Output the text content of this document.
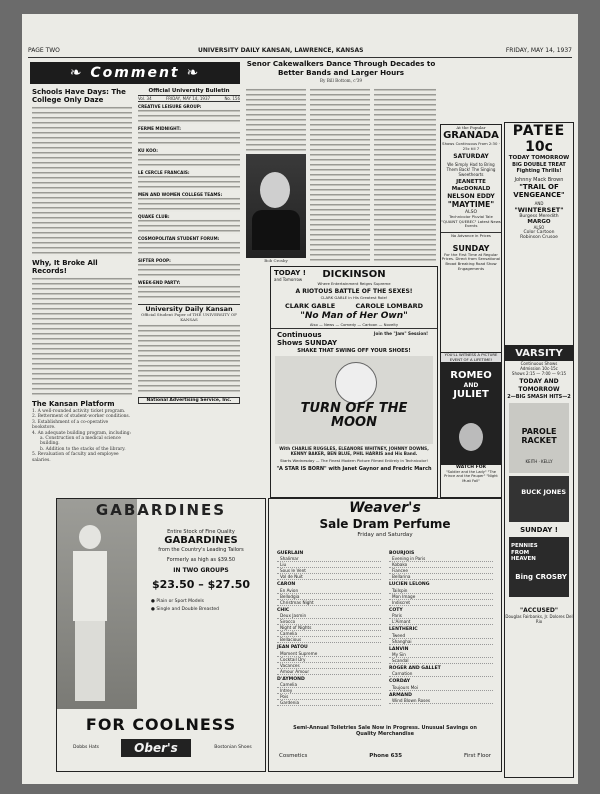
PAGE TWO	UNIVERSITY DAILY KANSAN, LAWRENCE, KANSAS	FRIDAY, MAY 14, 1937
❧ Comment ❧
Schools Have Days: The College Only Daze
Why, It Broke All Records!
The Kansan Platform
1. A well-rounded activity ticket program.
2. Betterment of student-worker conditions.
3. Establishment of a co-operative bookstore.
4. An adequate building program, including:
a. Construction of a medical science building.
b. Addition to the stacks of the library.
5. Revaluation of faculty and employee salaries.
Official University Bulletin
Vol. 34	FRIDAY, MAY 14, 1937	No. 156
CREATIVE LEISURE GROUP:
FERME MIDNIGHT:
KU KOO:
LE CERCLE FRANCAIS:
MEN AND WOMEN COLLEGE TEAMS:
QUAKE CLUB:
COSMOPOLITAN STUDENT FORUM:
SIFTER POOP:
WEEK-END PARTY:
University Daily Kansan
Official Student Paper of THE UNIVERSITY OF KANSAS
National Advertising Service, Inc.
Senor Cakewalkers Dance Through Decades to Better Bands and Larger Hours
By Bill Bottom, c'39
Bob Crosby
At the Popular
GRANADA
Shows Continuous From 2:30 · 25c till 7
SATURDAY
We Simply Had to Bring Them Back! The Singing Sweethearts
JEANETTE MacDONALD
NELSON EDDY
"MAYTIME"
ALSO
Technicolor Pluvial Tale "QUAINT QUEBEC" Latest News Events
No Advance in Prices
SUNDAY
For the First Time at Regular Prices. Direct from Sensational Broad Breaking Road Show Engagements
YOU'LL WITNESS A PICTURE EVENT OF A LIFETIME!
ROMEO
AND
JULIET
WATCH FOR
"Soldier and the Lady" "The Prince and the Pauper" "Night Must Fall"
TODAY !
and Tomorrow	DICKINSON
Where Entertainment Reigns Supreme
A RIOTOUS BATTLE OF THE SEXES!
CLARK GABLE in His Greatest Role!
CLARK GABLE	CAROLE LOMBARD
"No Man of Her Own"
Also — News — Comedy — Cartoon — Novelty
Continuous Shows SUNDAY
Join the "Jam" Session!
SHAKE THAT SWING OFF YOUR SHOES!
TURN OFF THE MOON
With CHARLIE RUGGLES, ELEANORE WHITNEY, JOHNNY DOWNS, KENNY BAKER, BEN BLUE, PHIL HARRIS and His Band.
Starts Wednesday — The Finest Modern Picture Filmed Entirely in Technicolor!
"A STAR IS BORN" with Janet Gaynor and Fredric March
PATEE
10c
TODAY TOMORROW
BIG DOUBLE TREAT Fighting Thrills!
Johnny Mack Brown
"TRAIL OF VENGEANCE"
AND
"WINTERSET"
Burgess Meredith
MARGO
ALSO
Color Cartoon
Robinson Crusoe
VARSITY
Continuous Shows
Admission 10c-15c
Shows 2:15 — 7:00 — 9:15
TODAY AND TOMORROW
2—BIG SMASH HITS—2
PAROLE RACKET
KEITH · KELLY
BUCK JONES
SUNDAY !
PENNIES FROM HEAVEN
Bing CROSBY
"ACCUSED"
Douglas Fairbanks, Jr. Dolores Del Rio
GABARDINES
Entire Stock of Fine Quality
GABARDINES
from the Country's Leading Tailors
Formerly as high as $39.50
IN TWO GROUPS
$23.50 – $27.50
● Plain or Sport Models
● Single and Double Breasted
FOR COOLNESS
Dobbs Hats	Ober's	Bostonian Shoes
Weaver's
Sale Dram Perfume
Friday and Saturday
GUERLAIN
Shalimar
Liu
Sous le Vent
Vol de Nuit
CARON
En Avion
Bellodgia
Christmas Night
CHIC
Deux Jasmin
Sirocco
Night of Nights
Camelia
Bellacious
JEAN PATOU
Moment Supreme
Cocktail Dry
Vacances
Amour Amour
D'AYMOND
Camelia
Intrey
Pois
Gardenia
BOURJOIS
Evening in Paris
Kobako
Fiancee
Bellarina
LUCIEN LELONG
Tailspin
Mon Image
Indiscret
COTY
Paris
L'Aimant
LENTHERIC
Tweed
Shanghai
LANVIN
My Sin
Scandal
ROGER AND GALLET
Carnation
CORDAY
Toujours Moi
ARMAND
Wind Blown Roses
Semi-Annual Toiletries Sale Now in Progress. Unusual Savings on Quality Merchandise
Cosmetics	Phone 635	First Floor
